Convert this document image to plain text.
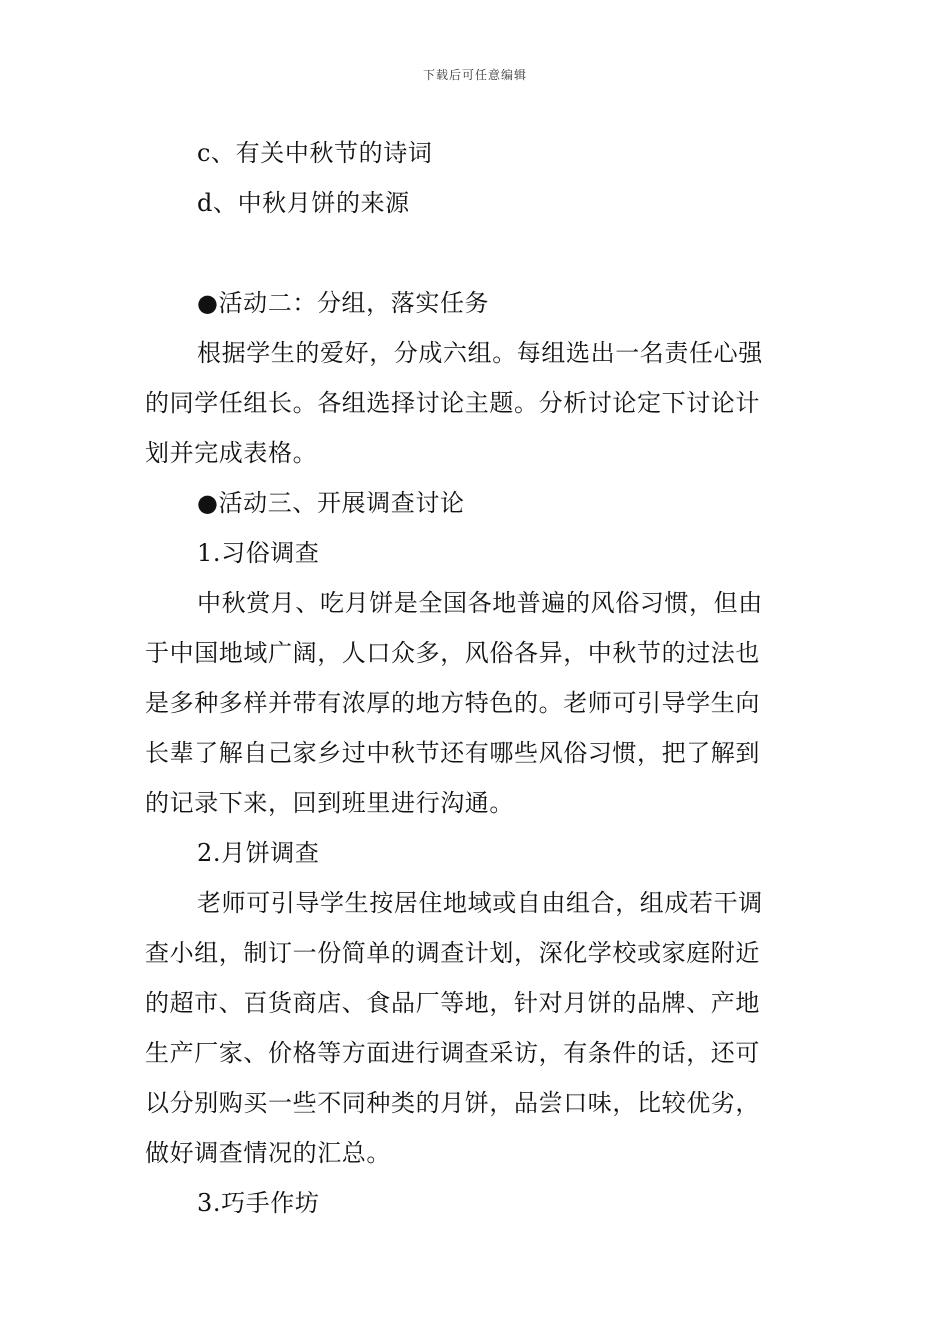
下载后可任意编辑
c、有关中秋节的诗词
d、中秋月饼的来源
●活动二：分组，落实任务
根据学生的爱好，分成六组。每组选出一名责任心强
的同学任组长。各组选择讨论主题。分析讨论定下讨论计
划并完成表格。
●活动三、开展调查讨论
1.习俗调查
中秋赏月、吃月饼是全国各地普遍的风俗习惯，但由
于中国地域广阔，人口众多，风俗各异，中秋节的过法也
是多种多样并带有浓厚的地方特色的。老师可引导学生向
长辈了解自己家乡过中秋节还有哪些风俗习惯，把了解到
的记录下来，回到班里进行沟通。
2.月饼调查
老师可引导学生按居住地域或自由组合，组成若干调
查小组，制订一份简单的调查计划，深化学校或家庭附近
的超市、百货商店、食品厂等地，针对月饼的品牌、产地
生产厂家、价格等方面进行调查采访，有条件的话，还可
以分别购买一些不同种类的月饼，品尝口味，比较优劣，
做好调查情况的汇总。
3.巧手作坊
